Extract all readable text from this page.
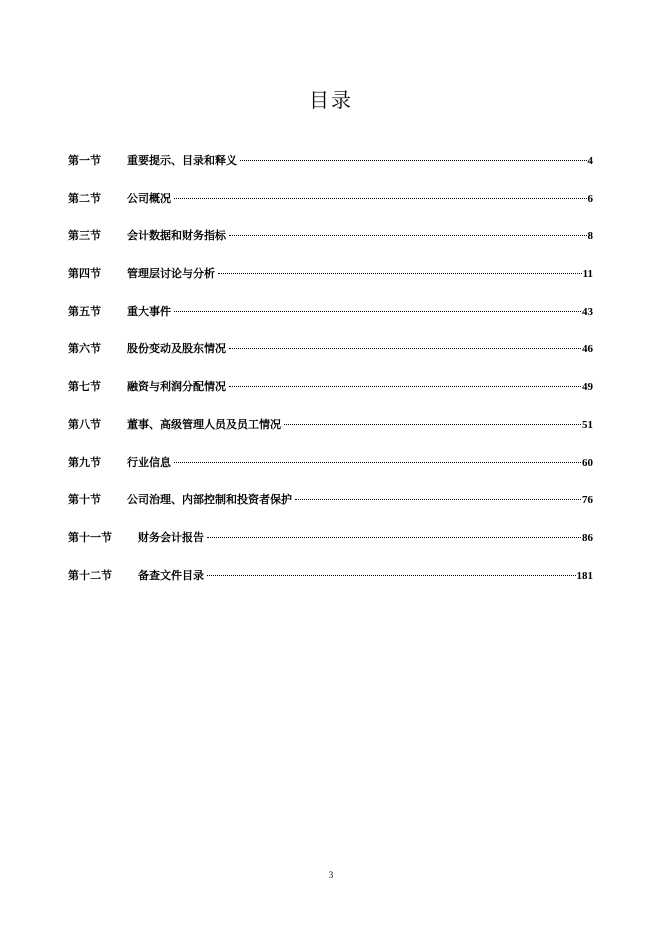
目录
第一节	重要提示、目录和释义	4
第二节	公司概况	6
第三节	会计数据和财务指标	8
第四节	管理层讨论与分析	11
第五节	重大事件	43
第六节	股份变动及股东情况	46
第七节	融资与利润分配情况	49
第八节	董事、高级管理人员及员工情况	51
第九节	行业信息	60
第十节	公司治理、内部控制和投资者保护	76
第十一节	财务会计报告	86
第十二节	备查文件目录	181
3
